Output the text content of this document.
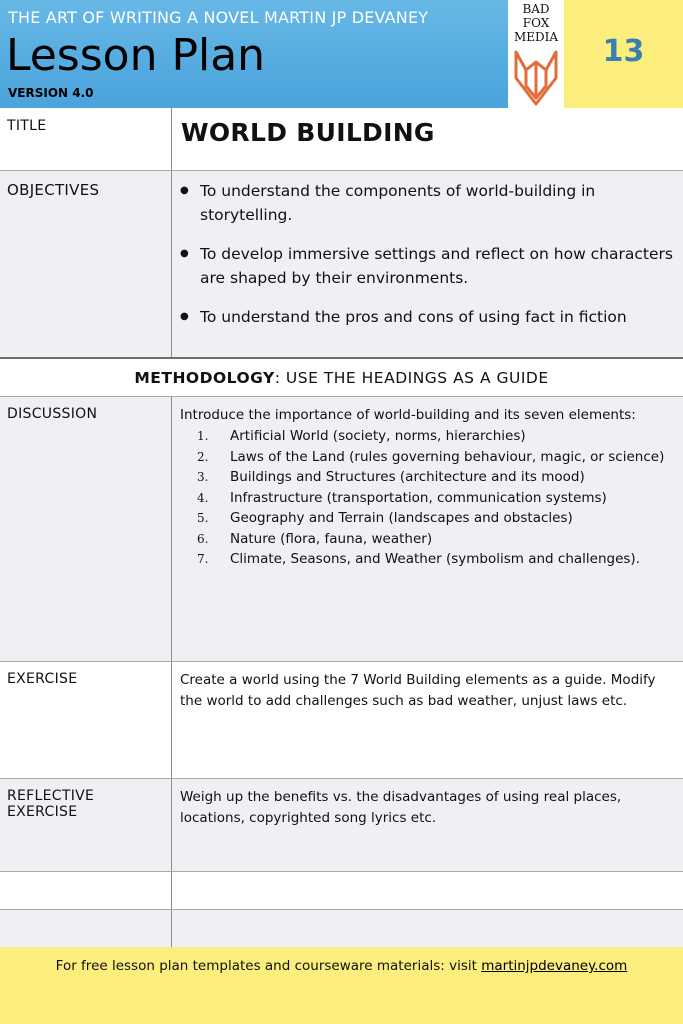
THE ART OF WRITING A NOVEL MARTIN JP DEVANEY
Lesson Plan
VERSION 4.0
BAD
FOX
MEDIA	13
TITLE	WORLD BUILDING
OBJECTIVES
●	To understand the components of world-building in storytelling.
● To develop immersive settings and reflect on how characters are shaped by their environments.
● To understand the pros and cons of using fact in fiction
METHODOLOGY: USE THE HEADINGS AS A GUIDE
DISCUSSION	Introduce the importance of world-building and its seven elements:
1. Artificial World (society, norms, hierarchies)
2. Laws of the Land (rules governing behaviour, magic, or science)
3. Buildings and Structures (architecture and its mood)
4. Infrastructure (transportation, communication systems)
5. Geography and Terrain (landscapes and obstacles)
6. Nature (flora, fauna, weather)
7. Climate, Seasons, and Weather (symbolism and challenges).
EXERCISE	Create a world using the 7 World Building elements as a guide. Modify the world to add challenges such as bad weather, unjust laws etc.
REFLECTIVE EXERCISE
Weigh up the benefits vs. the disadvantages of using real places, locations, copyrighted song lyrics etc.
For free lesson plan templates and courseware materials: visit martinjpdevaney.com
